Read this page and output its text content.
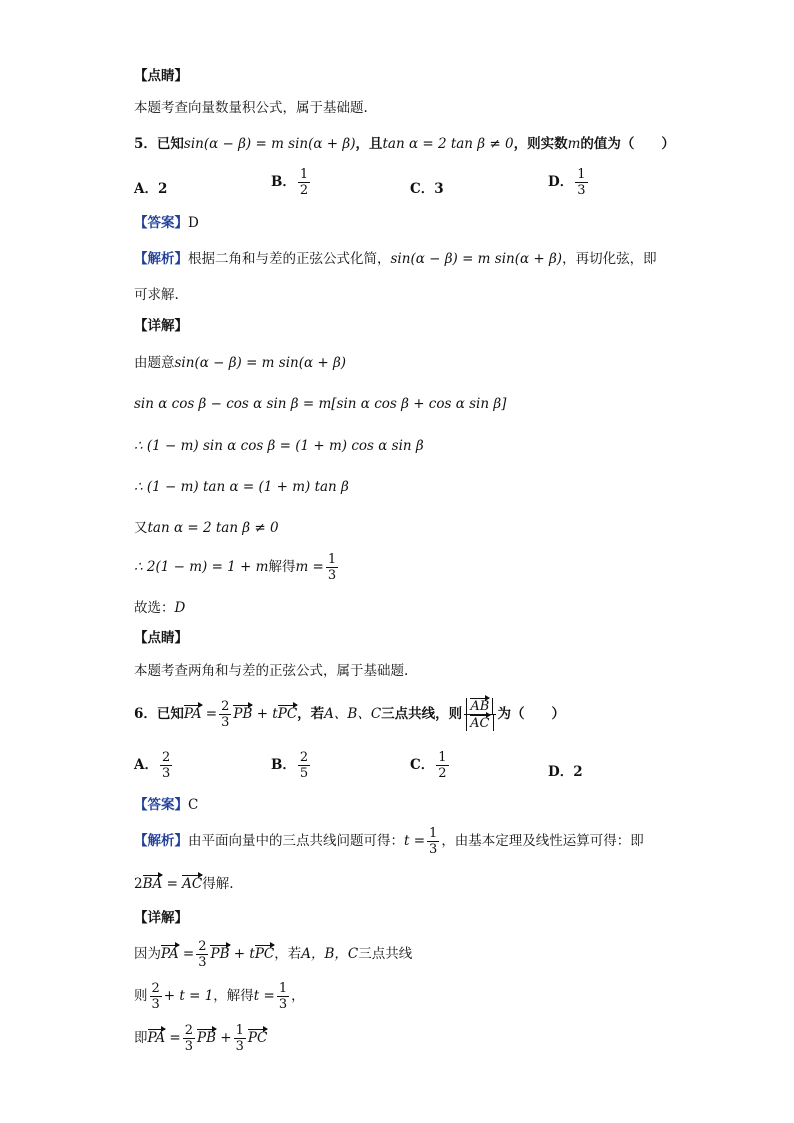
【点睛】
本题考查向量数量积公式，属于基础题.
5．已知sin(α − β) = m sin(α + β)，且tan α = 2 tan β ≠ 0，则实数m的值为（　　）
A．2	B． $\frac{1}{2}$	C．3	D． $\frac{1}{3}$
【答案】D
【解析】根据二角和与差的正弦公式化简，sin(α − β) = m sin(α + β)，再切化弦，即
可求解.
【详解】
由题意sin(α − β) = m sin(α + β)
sin α cos β − cos α sin β = m[sin α cos β + cos α sin β]
∴ (1 − m) sin α cos β = (1 + m) cos α sin β
∴ (1 − m) tan α = (1 + m) tan β
又tan α = 2 tan β ≠ 0
∴ 2(1 − m) = 1 + m解得$m = \frac{1}{3}$
故选：D
【点睛】
本题考查两角和与差的正弦公式，属于基础题.
6．已知PA = $\frac{2}{3}$ PB + tPC，若A、B、C三点共线，则 $\frac{AB}{AC}$ 为（　　）
A． $\frac{2}{3}$	B． $\frac{2}{5}$	C． $\frac{1}{2}$	D．2
【答案】C
【解析】由平面向量中的三点共线问题可得：$t = \frac{1}{3}$ ，由基本定理及线性运算可得：即
2BA = AC得解.
【详解】
因为PA = $\frac{2}{3}$ PB + tPC，若A，B，C三点共线
则 $\frac{2}{3} + t = 1$，解得$t = \frac{1}{3}$ ，
即PA = $\frac{2}{3}$ PB + $\frac{1}{3}$ PC
